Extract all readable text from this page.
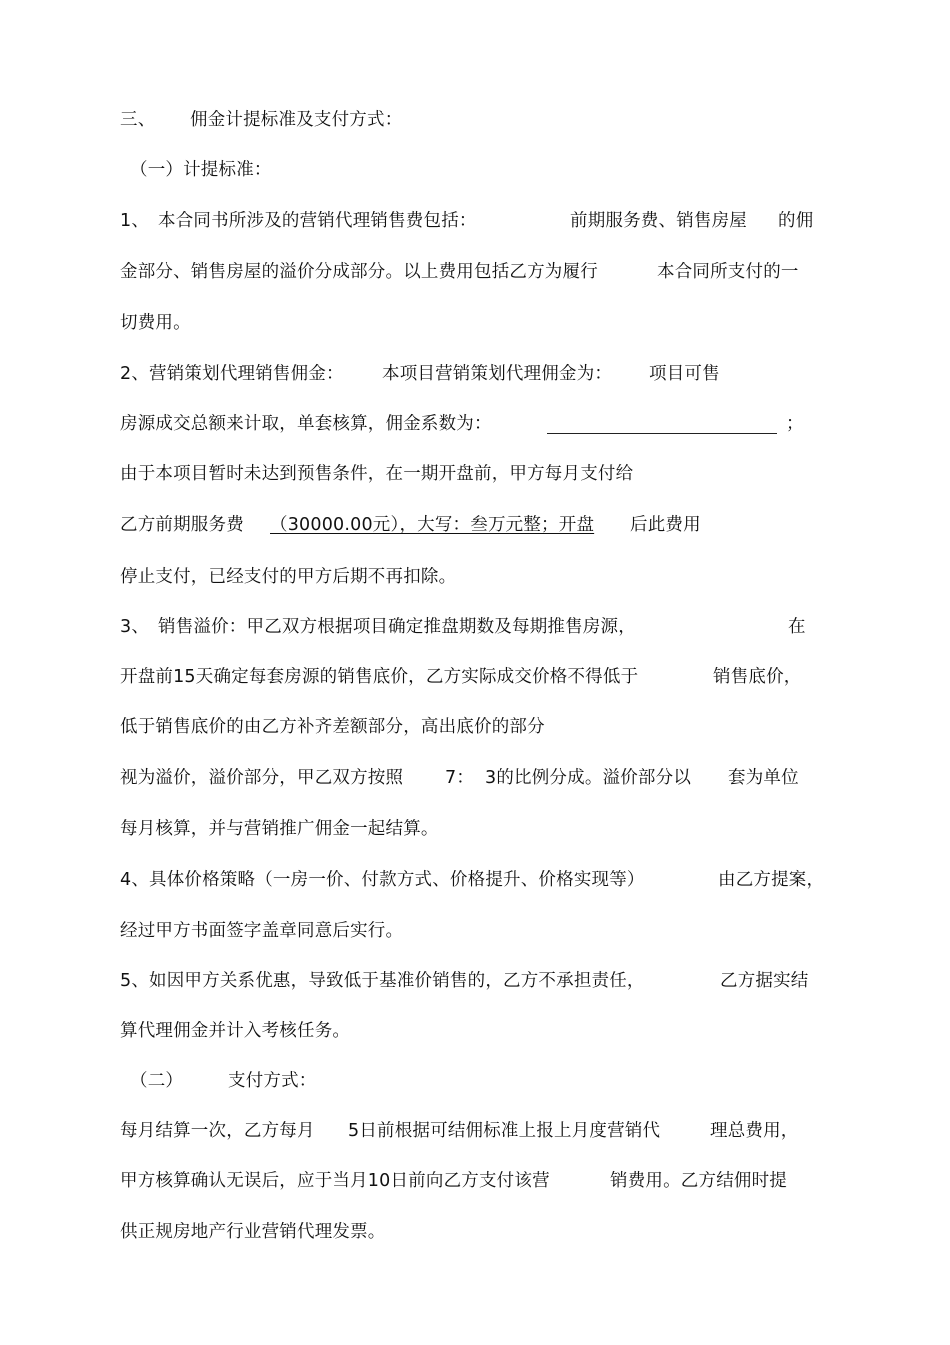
三、 佣金计提标准及支付方式：
（一）计提标准：
1、 本合同书所涉及的营销代理销售费包括：	前期服务费、销售房屋 的佣
金部分、销售房屋的溢价分成部分。以上费用包括乙方为履行	本合同所支付的一
切费用。
2、营销策划代理销售佣金： 本项目营销策划代理佣金为： 项目可售
房源成交总额来计取，单套核算，佣金系数为：	；
由于本项目暂时未达到预售条件，在一期开盘前，甲方每月支付给
乙方前期服务费 （30000.00元），大写：叁万元整；开盘 后此费用
停止支付，已经支付的甲方后期不再扣除。
3、 销售溢价：甲乙双方根据项目确定推盘期数及每期推售房源，	在
开盘前15天确定每套房源的销售底价，乙方实际成交价格不得低于	销售底价，
低于销售底价的由乙方补齐差额部分，高出底价的部分
视为溢价，溢价部分，甲乙双方按照 7： 3的比例分成。溢价部分以 套为单位
每月核算，并与营销推广佣金一起结算。
4、具体价格策略（一房一价、付款方式、价格提升、价格实现等）	由乙方提案，
经过甲方书面签字盖章同意后实行。
5、如因甲方关系优惠，导致低于基准价销售的，乙方不承担责任，	乙方据实结
算代理佣金并计入考核任务。
（二）	支付方式：
每月结算一次，乙方每月 5日前根据可结佣标准上报上月度营销代	理总费用，
甲方核算确认无误后，应于当月10日前向乙方支付该营	销费用。乙方结佣时提
供正规房地产行业营销代理发票。
